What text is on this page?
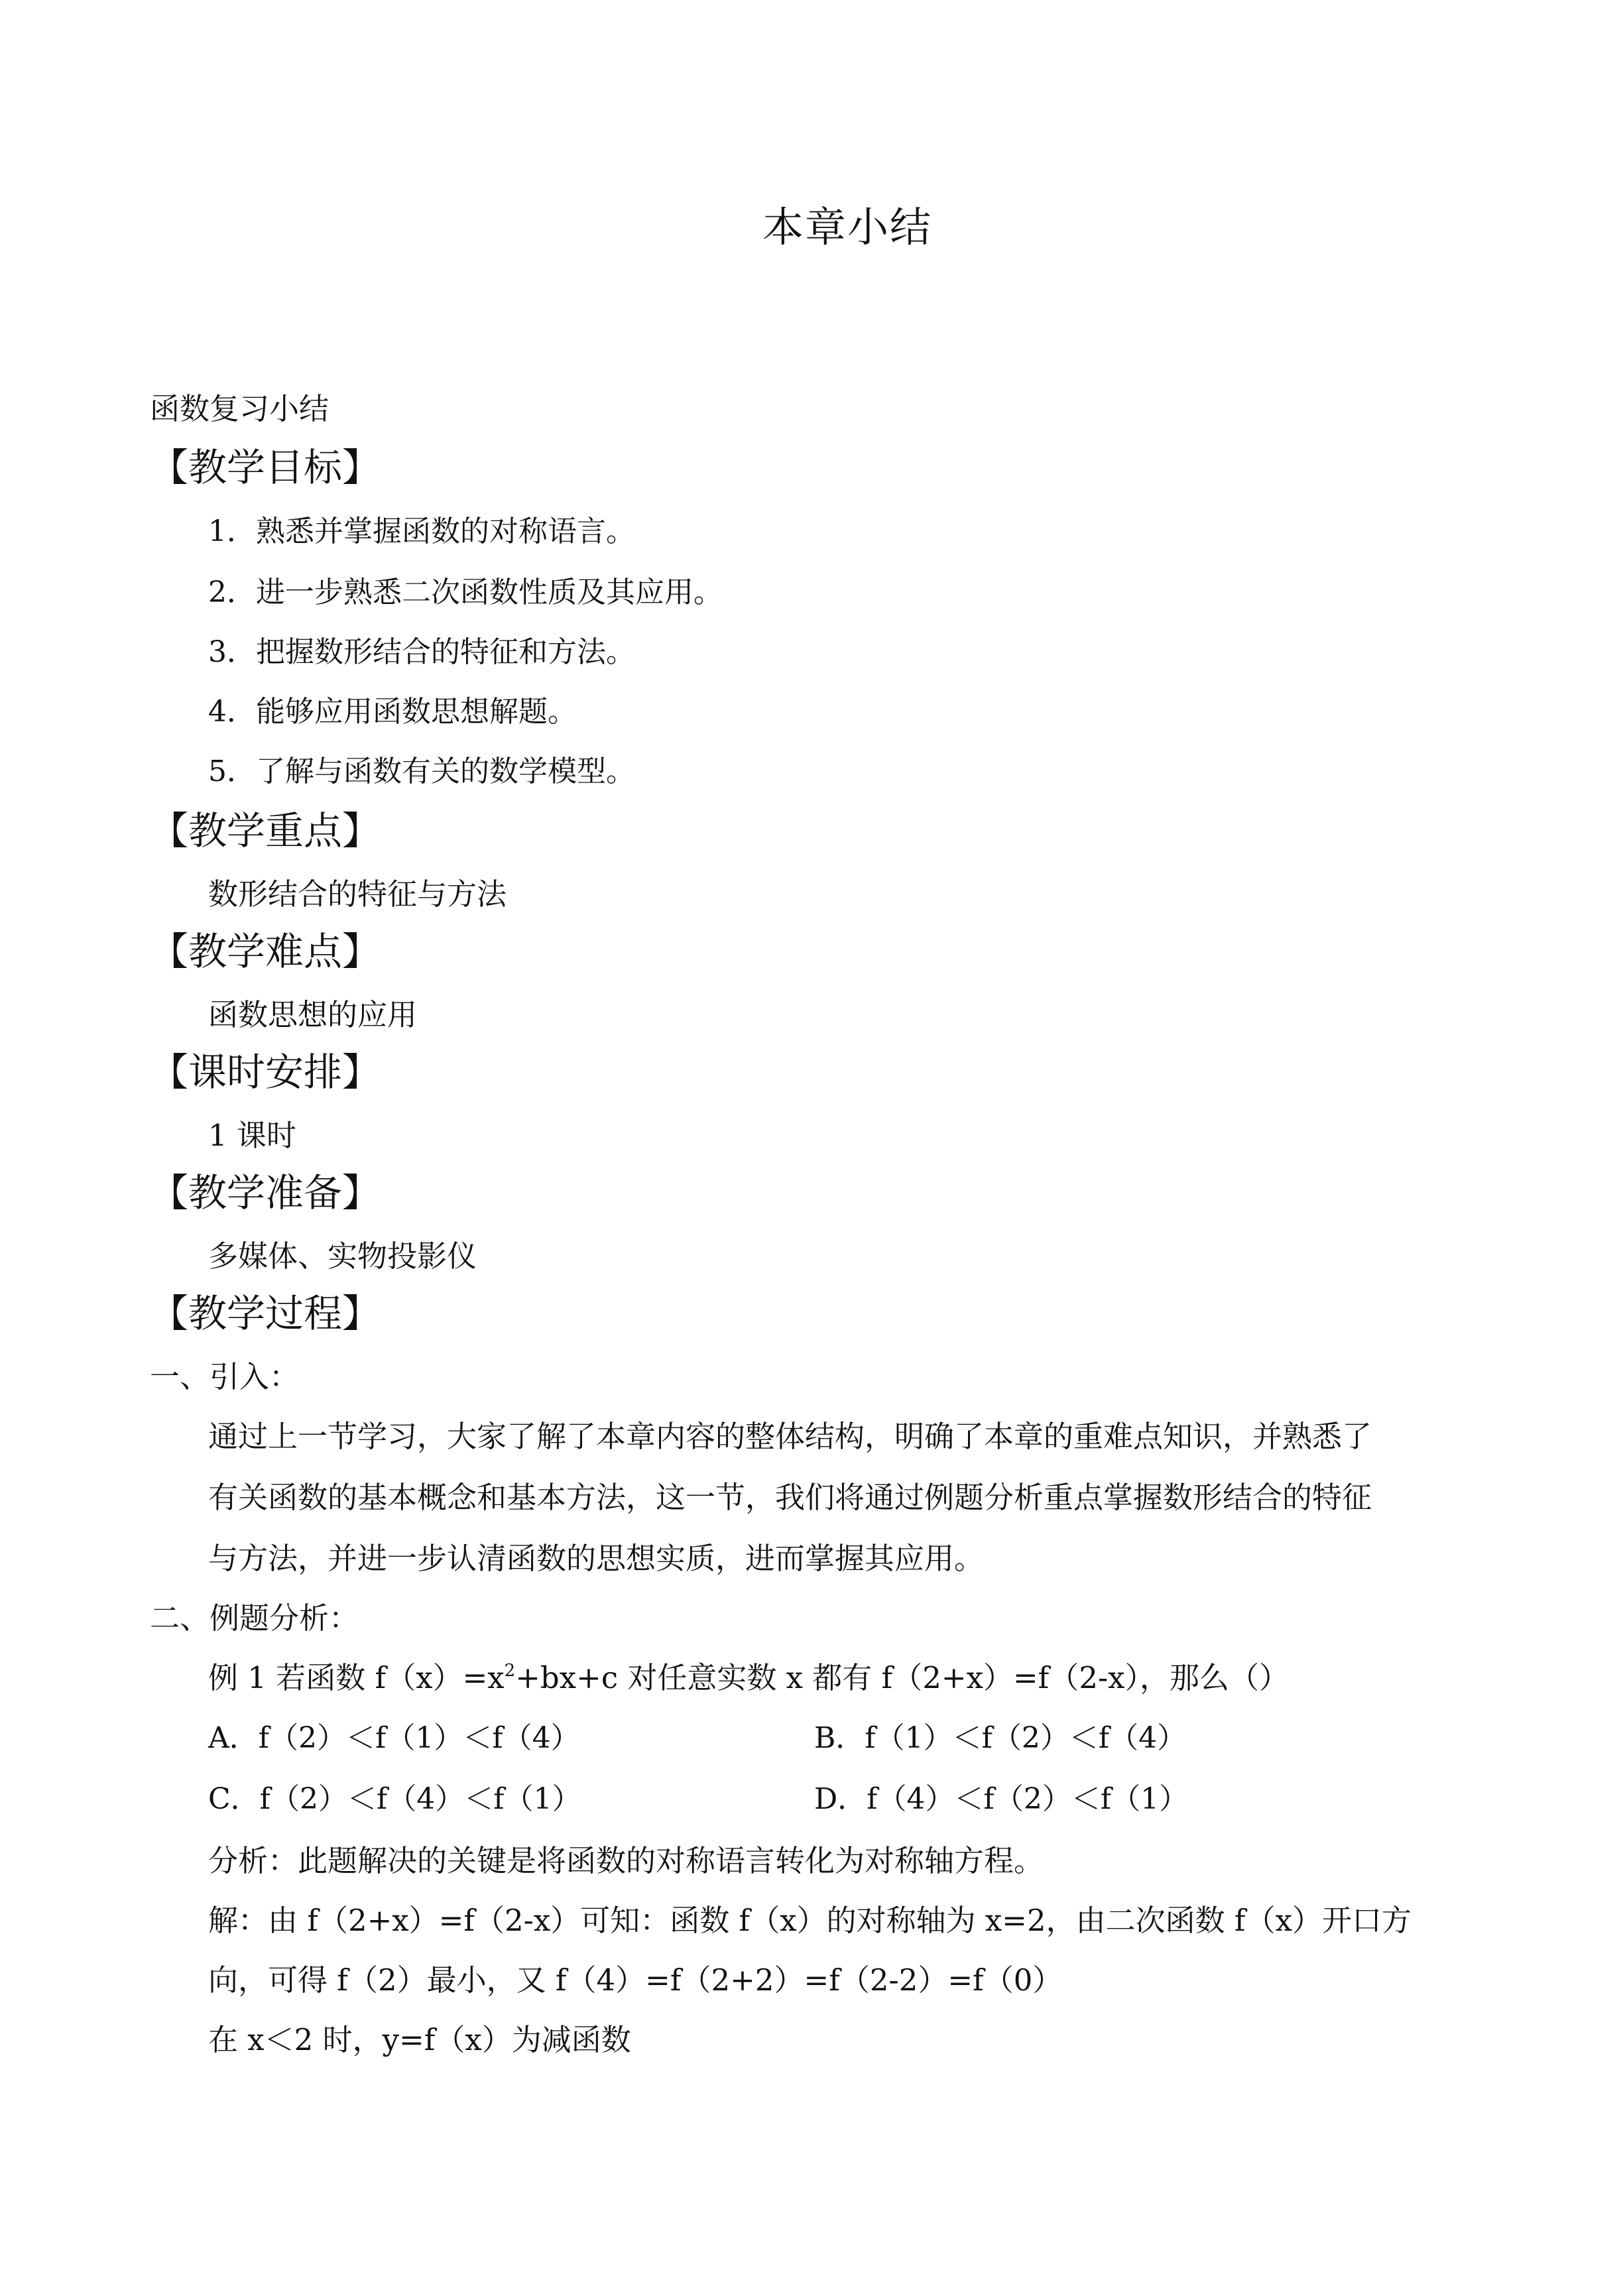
本章小结
函数复习小结
【教学目标】
1．熟悉并掌握函数的对称语言。
2．进一步熟悉二次函数性质及其应用。
3．把握数形结合的特征和方法。
4．能够应用函数思想解题。
5．了解与函数有关的数学模型。
【教学重点】
数形结合的特征与方法
【教学难点】
函数思想的应用
【课时安排】
1 课时
【教学准备】
多媒体、实物投影仪
【教学过程】
一、引入：
通过上一节学习，大家了解了本章内容的整体结构，明确了本章的重难点知识，并熟悉了
有关函数的基本概念和基本方法，这一节，我们将通过例题分析重点掌握数形结合的特征
与方法，并进一步认清函数的思想实质，进而掌握其应用。
二、例题分析：
例 1 若函数 $f(x)=x^2+bx+c$ 对任意实数 x 都有 f（2+x）=f（2-x），那么（）
A．f（2）＜f（1）＜f（4）	B．f（1）＜f（2）＜f（4）
C．f（2）＜f（4）＜f（1）	D．f（4）＜f（2）＜f（1）
分析：此题解决的关键是将函数的对称语言转化为对称轴方程。
解：由 f（2+x）=f（2-x）可知：函数 f（x）的对称轴为 x=2，由二次函数 f（x）开口方
向，可得 f（2）最小，又 f（4）=f（2+2）=f（2-2）=f（0）
在 x＜2 时，y=f（x）为减函数
